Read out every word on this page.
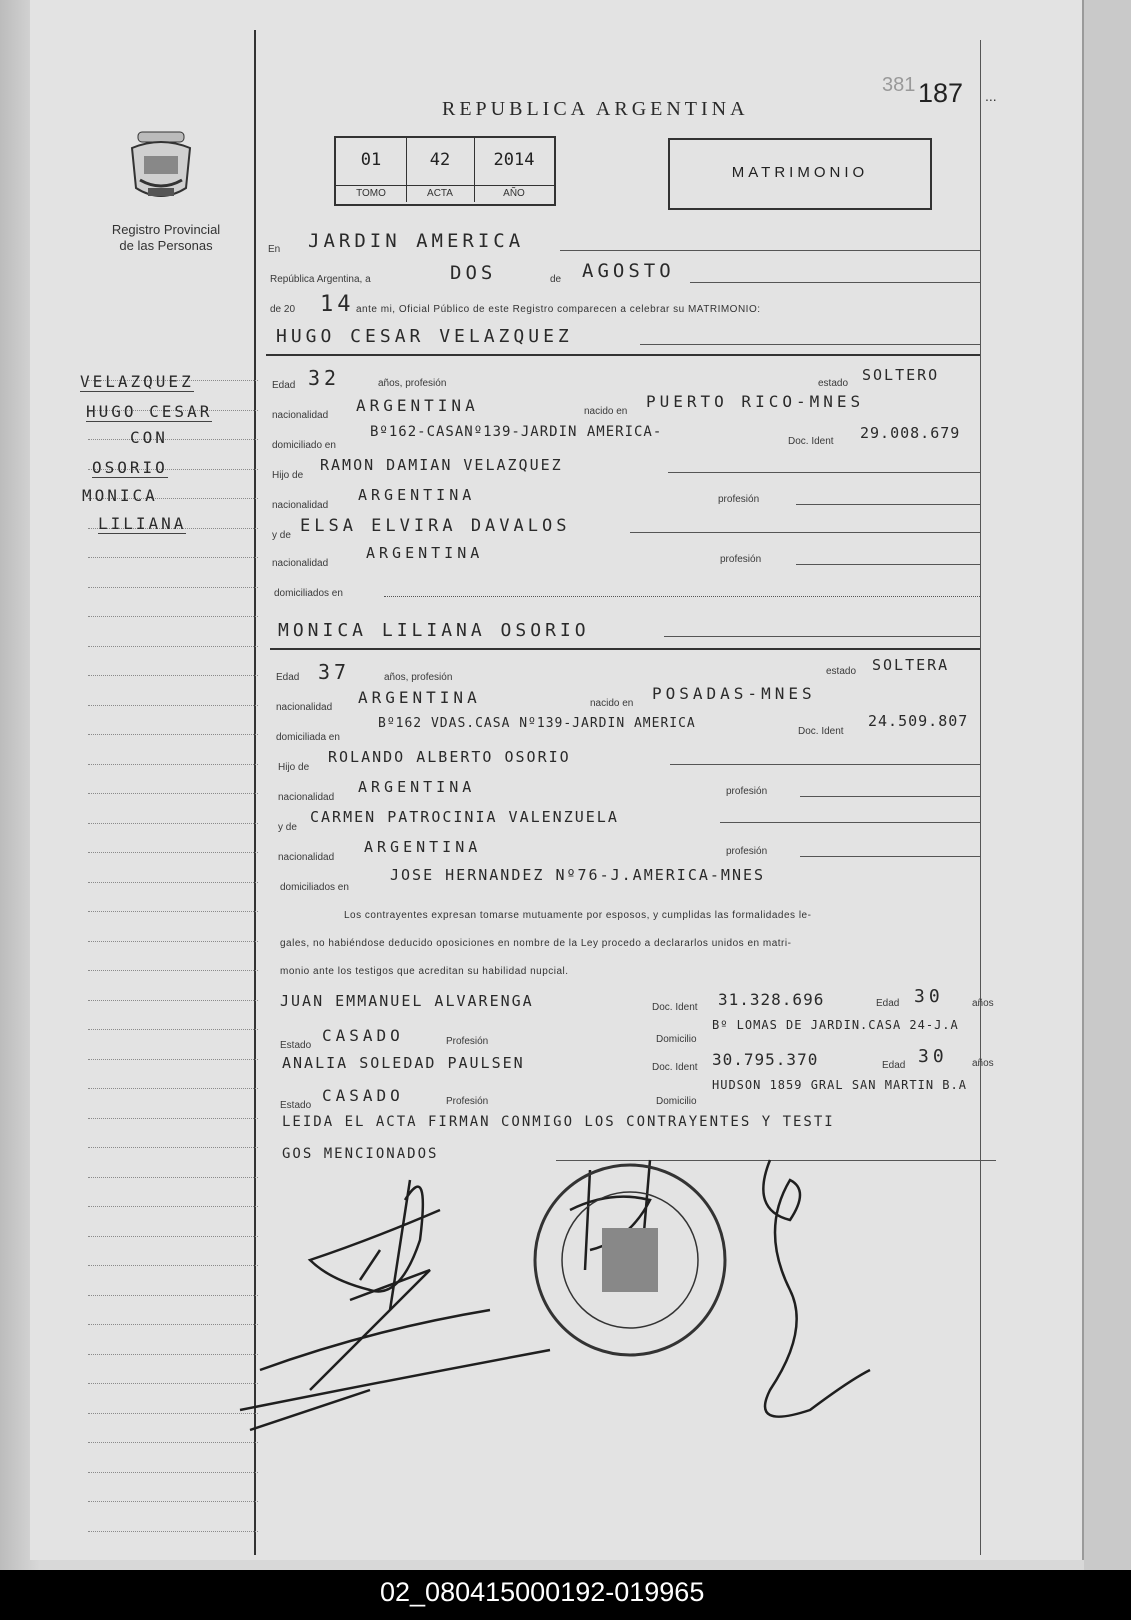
REPUBLICA ARGENTINA
381 187 ...
01
TOMO
42
ACTA
2014
AÑO
MATRIMONIO
Registro Provincial
de las Personas
VELAZQUEZ
HUGO CESAR
CON
OSORIO
MONICA
LILIANA
En JARDIN AMERICA
República Argentina, a	DOS	de AGOSTO
de 20 14 ante mi, Oficial Público de este Registro comparecen a celebrar su MATRIMONIO:
HUGO CESAR VELAZQUEZ
Edad 32	años, profesión	estado SOLTERO
nacionalidad
ARGENTINA	nacido en
PUERTO RICO-MNES
domiciliado en
Bº162-CASANº139-JARDIN AMERICA-
Doc. Ident 29.008.679
Hijo de
RAMON DAMIAN VELAZQUEZ
nacionalidad
ARGENTINA	profesión
y de ELSA ELVIRA DAVALOS
nacionalidad
ARGENTINA	profesión
domiciliados en
MONICA LILIANA OSORIO
Edad 37	años, profesión
estado SOLTERA
nacionalidad
ARGENTINA	nacido en
POSADAS-MNES
domiciliada en
Bº162 VDAS.CASA Nº139-JARDIN AMERICA
Doc. Ident
24.509.807
Hijo de
ROLANDO ALBERTO OSORIO
nacionalidad
ARGENTINA	profesión
y de
CARMEN PATROCINIA VALENZUELA
nacionalidad
ARGENTINA	profesión
domiciliados en
JOSE HERNANDEZ Nº76-J.AMERICA-MNES
Los contrayentes expresan tomarse mutuamente por esposos, y cumplidas las formalidades le-
gales, no habiéndose deducido oposiciones en nombre de la Ley procedo a declararlos unidos en matri-
monio ante los testigos que acreditan su habilidad nupcial.
JUAN EMMANUEL ALVARENGA	Doc. Ident 31.328.696	Edad 30	años
Estado
CASADO	Profesión	Domicilio
Bº LOMAS DE JARDIN.CASA 24-J.A
ANALIA SOLEDAD PAULSEN	Doc. Ident 30.795.370	Edad 30 años
Estado
CASADO	Profesión	Domicilio
HUDSON 1859 GRAL SAN MARTIN B.A
LEIDA EL ACTA FIRMAN CONMIGO LOS CONTRAYENTES Y TESTI
GOS MENCIONADOS
02_080415000192-019965
